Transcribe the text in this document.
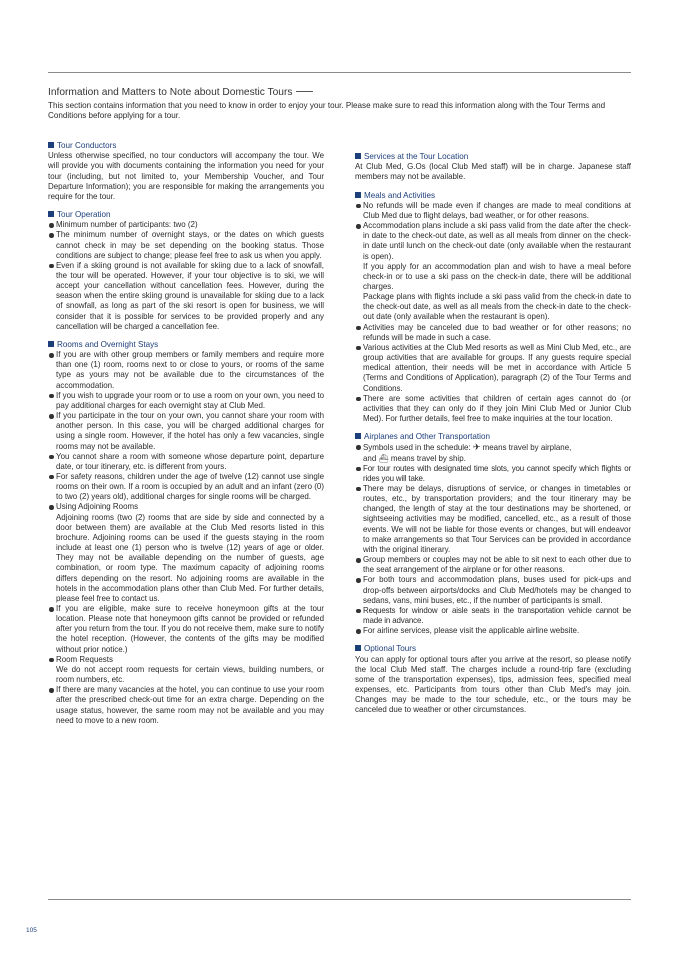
Information and Matters to Note about Domestic Tours

This section contains information that you need to know in order to enjoy your tour. Please make sure to read this information along with the Tour Terms and Conditions before applying for a tour.

Tour Conductors

Unless otherwise specified, no tour conductors will accompany the tour. We will provide you with documents containing the information you need for your tour (including, but not limited to, your Membership Voucher, and Tour Departure Information); you are responsible for making the arrangements you require for the tour.

Tour Operation

Minimum number of participants: two (2)
The minimum number of overnight stays, or the dates on which guests cannot check in may be set depending on the booking status. Those conditions are subject to change; please feel free to ask us when you apply.
Even if a skiing ground is not available for skiing due to a lack of snowfall, the tour will be operated. However, if your tour objective is to ski, we will accept your cancellation without cancellation fees. However, during the season when the entire skiing ground is unavailable for skiing due to a lack of snowfall, as long as part of the ski resort is open for business, we will consider that it is possible for services to be provided properly and any cancellation will be charged a cancellation fee.

Rooms and Overnight Stays

If you are with other group members or family members and require more than one (1) room, rooms next to or close to yours, or rooms of the same type as yours may not be available due to the circumstances of the accommodation.
If you wish to upgrade your room or to use a room on your own, you need to pay additional charges for each overnight stay at Club Med.
If you participate in the tour on your own, you cannot share your room with another person. In this case, you will be charged additional charges for using a single room. However, if the hotel has only a few vacancies, single rooms may not be available.
You cannot share a room with someone whose departure point, departure date, or tour itinerary, etc. is different from yours.
For safety reasons, children under the age of twelve (12) cannot use single rooms on their own. If a room is occupied by an adult and an infant (zero (0) to two (2) years old), additional charges for single rooms will be charged.
Using Adjoining Rooms
Adjoining rooms (two (2) rooms that are side by side and connected by a door between them) are available at the Club Med resorts listed in this brochure. Adjoining rooms can be used if the guests staying in the room include at least one (1) person who is twelve (12) years of age or older. They may not be available depending on the number of guests, age combination, or room type. The maximum capacity of adjoining rooms differs depending on the resort. No adjoining rooms are available in the hotels in the accommodation plans other than Club Med. For further details, please feel free to contact us.
If you are eligible, make sure to receive honeymoon gifts at the tour location. Please note that honeymoon gifts cannot be provided or refunded after you return from the tour. If you do not receive them, make sure to notify the hotel reception. (However, the contents of the gifts may be modified without prior notice.)
Room Requests
We do not accept room requests for certain views, building numbers, or room numbers, etc.
If there are many vacancies at the hotel, you can continue to use your room after the prescribed check-out time for an extra charge. Depending on the usage status, however, the same room may not be available and you may need to move to a new room.

Services at the Tour Location

At Club Med, G.Os (local Club Med staff) will be in charge. Japanese staff members may not be available.

Meals and Activities

No refunds will be made even if changes are made to meal conditions at Club Med due to flight delays, bad weather, or for other reasons.
Accommodation plans include a ski pass valid from the date after the check-in date to the check-out date, as well as all meals from dinner on the check-in date until lunch on the check-out date (only available when the restaurant is open).
If you apply for an accommodation plan and wish to have a meal before check-in or to use a ski pass on the check-in date, there will be additional charges.
Package plans with flights include a ski pass valid from the check-in date to the check-out date, as well as all meals from the check-in date to the check-out date (only available when the restaurant is open).
Activities may be canceled due to bad weather or for other reasons; no refunds will be made in such a case.
Various activities at the Club Med resorts as well as Mini Club Med, etc., are group activities that are available for groups. If any guests require special medical attention, their needs will be met in accordance with Article 5 (Terms and Conditions of Application), paragraph (2) of the Tour Terms and Conditions.
There are some activities that children of certain ages cannot do (or activities that they can only do if they join Mini Club Med or Junior Club Med). For further details, feel free to make inquiries at the tour location.

Airplanes and Other Transportation

Symbols used in the schedule: ✈ means travel by airplane,
and ⛴ means travel by ship.
For tour routes with designated time slots, you cannot specify which flights or rides you will take.
There may be delays, disruptions of service, or changes in timetables or routes, etc., by transportation providers; and the tour itinerary may be changed, the length of stay at the tour destinations may be shortened, or sightseeing activities may be modified, cancelled, etc., as a result of those events. We will not be liable for those events or changes, but will endeavor to make arrangements so that Tour Services can be provided in accordance with the original itinerary.
Group members or couples may not be able to sit next to each other due to the seat arrangement of the airplane or for other reasons.
For both tours and accommodation plans, buses used for pick-ups and drop-offs between airports/docks and Club Med/hotels may be changed to sedans, vans, mini buses, etc., if the number of participants is small.
Requests for window or aisle seats in the transportation vehicle cannot be made in advance.
For airline services, please visit the applicable airline website.

Optional Tours

You can apply for optional tours after you arrive at the resort, so please notify the local Club Med staff. The charges include a round-trip fare (excluding some of the transportation expenses), tips, admission fees, specified meal expenses, etc. Participants from tours other than Club Med's may join. Changes may be made to the tour schedule, etc., or the tours may be canceled due to weather or other circumstances.

105
